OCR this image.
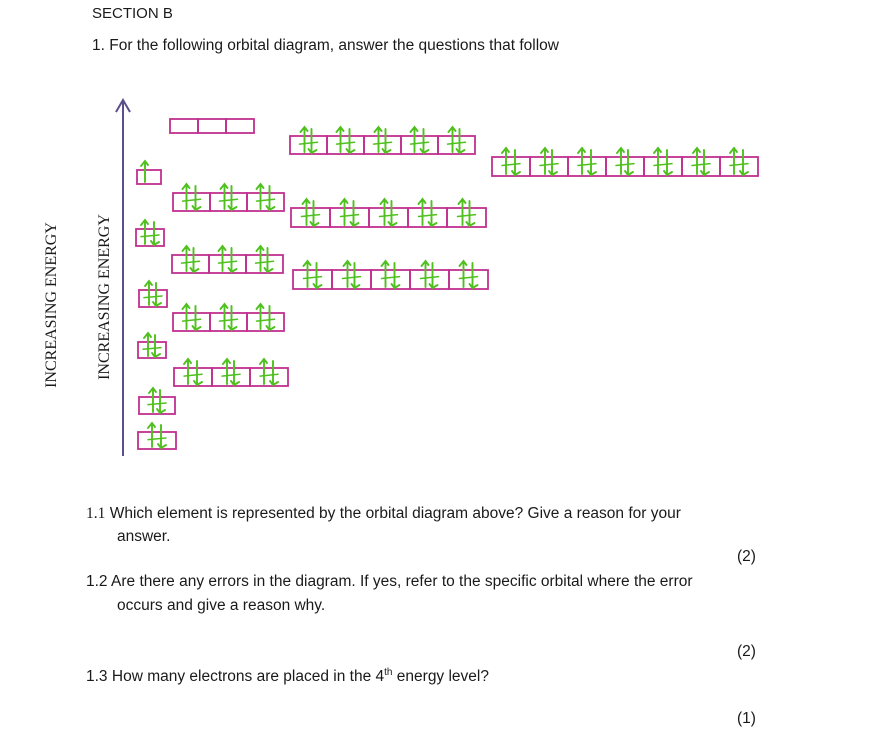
SECTION B
1. For the following orbital diagram, answer the questions that follow
INCREASING ENERGY INCREASING ENERGY
1.1 Which element is represented by the orbital diagram above? Give a reason for your
answer.
(2)
1.2 Are there any errors in the diagram. If yes, refer to the specific orbital where the error
occurs and give a reason why.
(2)
1.3 How many electrons are placed in the 4th energy level?
(1)
